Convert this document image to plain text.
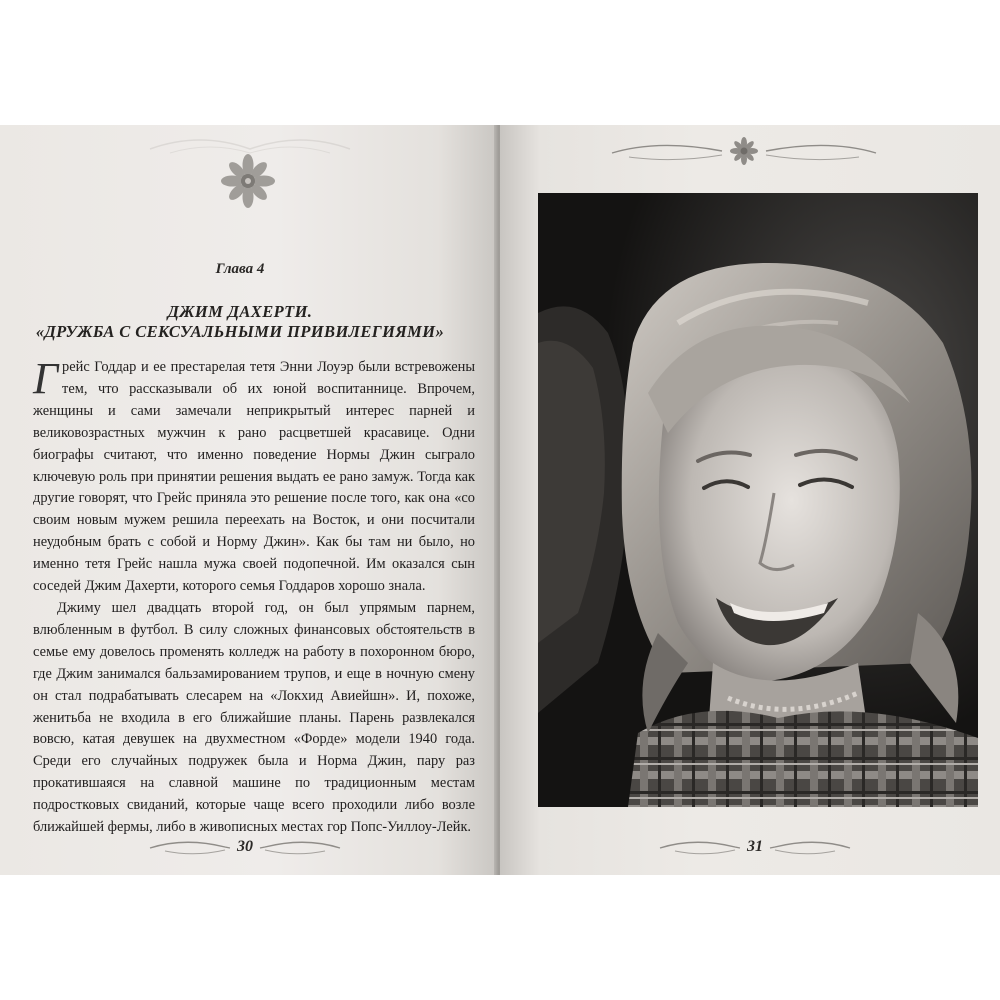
Глава 4
ДЖИМ ДАХЕРТИ.
«ДРУЖБА С СЕКСУАЛЬНЫМИ ПРИВИЛЕГИЯМИ»

Грейс Годдар и ее престарелая тетя Энни Лоуэр были встревожены тем, что рассказывали об их юной воспитаннице. Впрочем, женщины и сами замечали неприкрытый интерес парней и великовозрастных мужчин к рано расцветшей красавице. Одни биографы считают, что именно поведение Нормы Джин сыграло ключевую роль при принятии решения выдать ее рано замуж. Тогда как другие говорят, что Грейс приняла это решение после того, как она «со своим новым мужем решила переехать на Восток, и они посчитали неудобным брать с собой и Норму Джин». Как бы там ни было, но именно тетя Грейс нашла мужа своей подопечной. Им оказался сын соседей Джим Дахерти, которого семья Годдаров хорошо знала.

Джиму шел двадцать второй год, он был упрямым парнем, влюбленным в футбол. В силу сложных финансовых обстоятельств в семье ему довелось променять колледж на работу в похоронном бюро, где Джим занимался бальзамированием трупов, и еще в ночную смену он стал подрабатывать слесарем на «Локхид Авиейшн». И, похоже, женитьба не входила в его ближайшие планы. Парень развлекался вовсю, катая девушек на двухместном «Форде» модели 1940 года. Среди его случайных подружек была и Норма Джин, пару раз прокатившаяся на славной машине по традиционным местам подростковых свиданий, которые чаще всего проходили либо возле ближайшей фермы, либо в живописных местах гор Попс-Уиллоу-Лейк.

30	31
